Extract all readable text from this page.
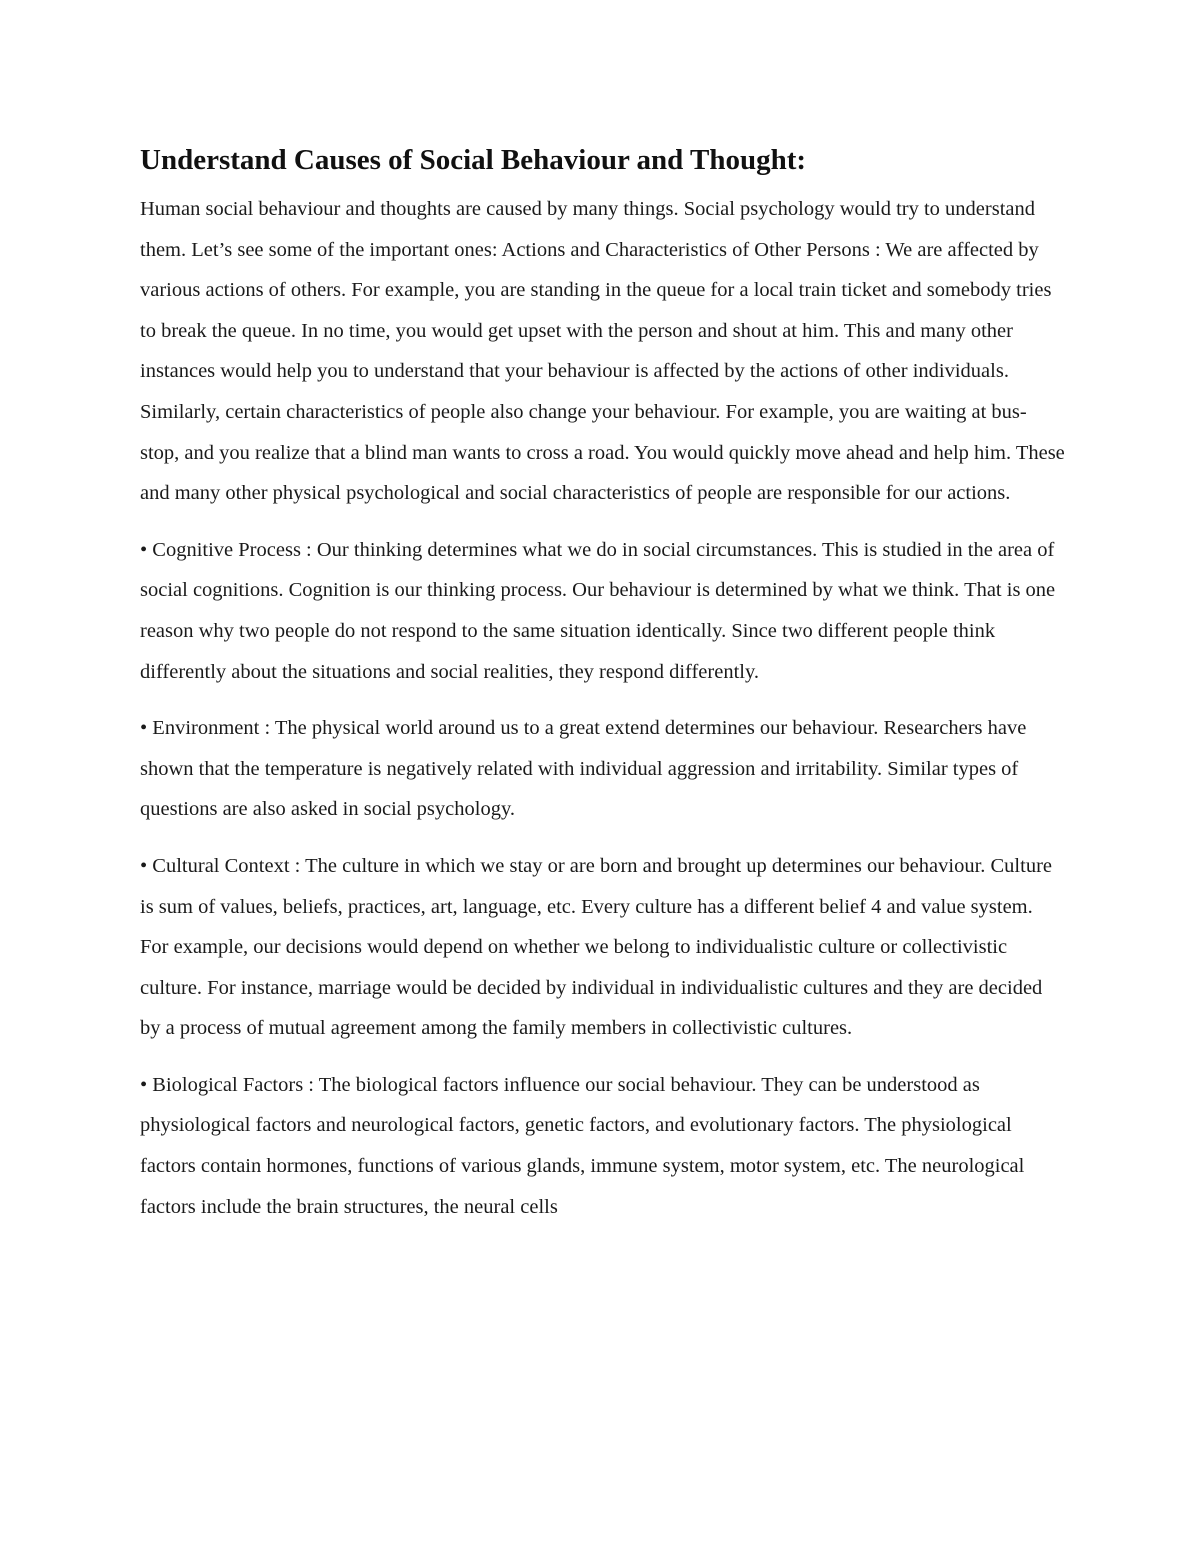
Understand Causes of Social Behaviour and Thought:

Human social behaviour and thoughts are caused by many things. Social psychology would try to understand them. Let’s see some of the important ones: Actions and Characteristics of Other Persons : We are affected by various actions of others. For example, you are standing in the queue for a local train ticket and somebody tries to break the queue. In no time, you would get upset with the person and shout at him. This and many other instances would help you to understand that your behaviour is affected by the actions of other individuals. Similarly, certain characteristics of people also change your behaviour. For example, you are waiting at bus-stop, and you realize that a blind man wants to cross a road. You would quickly move ahead and help him. These and many other physical psychological and social characteristics of people are responsible for our actions.

• Cognitive Process : Our thinking determines what we do in social circumstances. This is studied in the area of social cognitions. Cognition is our thinking process. Our behaviour is determined by what we think. That is one reason why two people do not respond to the same situation identically. Since two different people think differently about the situations and social realities, they respond differently.

• Environment : The physical world around us to a great extend determines our behaviour. Researchers have shown that the temperature is negatively related with individual aggression and irritability. Similar types of questions are also asked in social psychology.

• Cultural Context : The culture in which we stay or are born and brought up determines our behaviour. Culture is sum of values, beliefs, practices, art, language, etc. Every culture has a different belief 4 and value system. For example, our decisions would depend on whether we belong to individualistic culture or collectivistic culture. For instance, marriage would be decided by individual in individualistic cultures and they are decided by a process of mutual agreement among the family members in collectivistic cultures.

• Biological Factors : The biological factors influence our social behaviour. They can be understood as physiological factors and neurological factors, genetic factors, and evolutionary factors. The physiological factors contain hormones, functions of various glands, immune system, motor system, etc. The neurological factors include the brain structures, the neural cells
